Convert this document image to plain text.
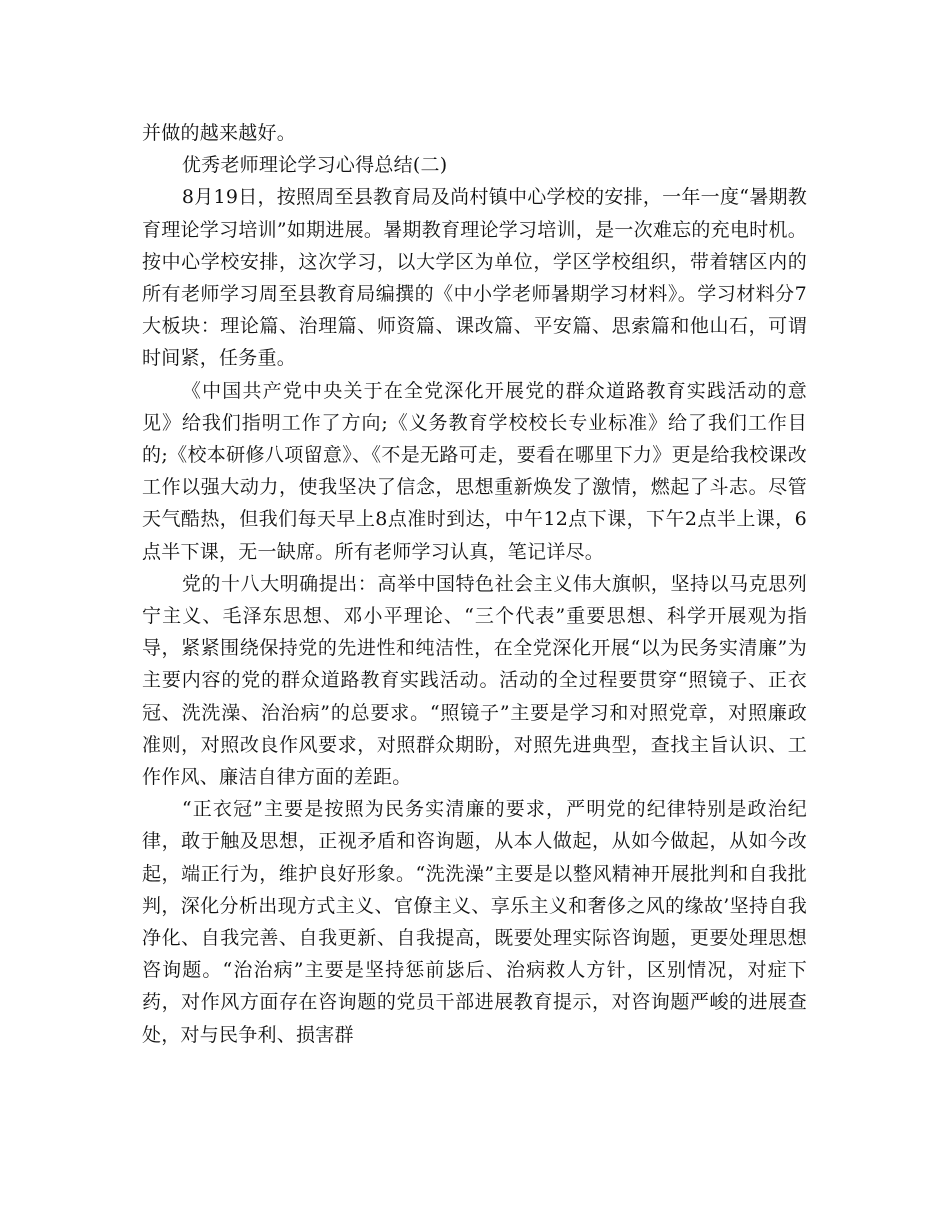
并做的越来越好。

优秀老师理论学习心得总结(二)

8月19日，按照周至县教育局及尚村镇中心学校的安排，一年一度“暑期教育理论学习培训”如期进展。暑期教育理论学习培训，是一次难忘的充电时机。按中心学校安排，这次学习，以大学区为单位，学区学校组织，带着辖区内的所有老师学习周至县教育局编撰的《中小学老师暑期学习材料》。学习材料分7大板块：理论篇、治理篇、师资篇、课改篇、平安篇、思索篇和他山石，可谓时间紧，任务重。

《中国共产党中央关于在全党深化开展党的群众道路教育实践活动的意见》给我们指明工作了方向;《义务教育学校校长专业标准》给了我们工作目的;《校本研修八项留意》、《不是无路可走，要看在哪里下力》更是给我校课改工作以强大动力，使我坚决了信念，思想重新焕发了激情，燃起了斗志。尽管天气酷热，但我们每天早上8点准时到达，中午12点下课，下午2点半上课，6点半下课，无一缺席。所有老师学习认真，笔记详尽。

党的十八大明确提出：高举中国特色社会主义伟大旗帜，坚持以马克思列宁主义、毛泽东思想、邓小平理论、“三个代表”重要思想、科学开展观为指导，紧紧围绕保持党的先进性和纯洁性，在全党深化开展“以为民务实清廉”为主要内容的党的群众道路教育实践活动。活动的全过程要贯穿“照镜子、正衣冠、洗洗澡、治治病”的总要求。“照镜子”主要是学习和对照党章，对照廉政准则，对照改良作风要求，对照群众期盼，对照先进典型，查找主旨认识、工作作风、廉洁自律方面的差距。

“正衣冠”主要是按照为民务实清廉的要求，严明党的纪律特别是政治纪律，敢于触及思想，正视矛盾和咨询题，从本人做起，从如今做起，从如今改起，端正行为，维护良好形象。“洗洗澡”主要是以整风精神开展批判和自我批判，深化分析出现方式主义、官僚主义、享乐主义和奢侈之风的缘故’坚持自我净化、自我完善、自我更新、自我提高，既要处理实际咨询题，更要处理思想咨询题。“治治病”主要是坚持惩前毖后、治病救人方针，区别情况，对症下药，对作风方面存在咨询题的党员干部进展教育提示，对咨询题严峻的进展查处，对与民争利、损害群
